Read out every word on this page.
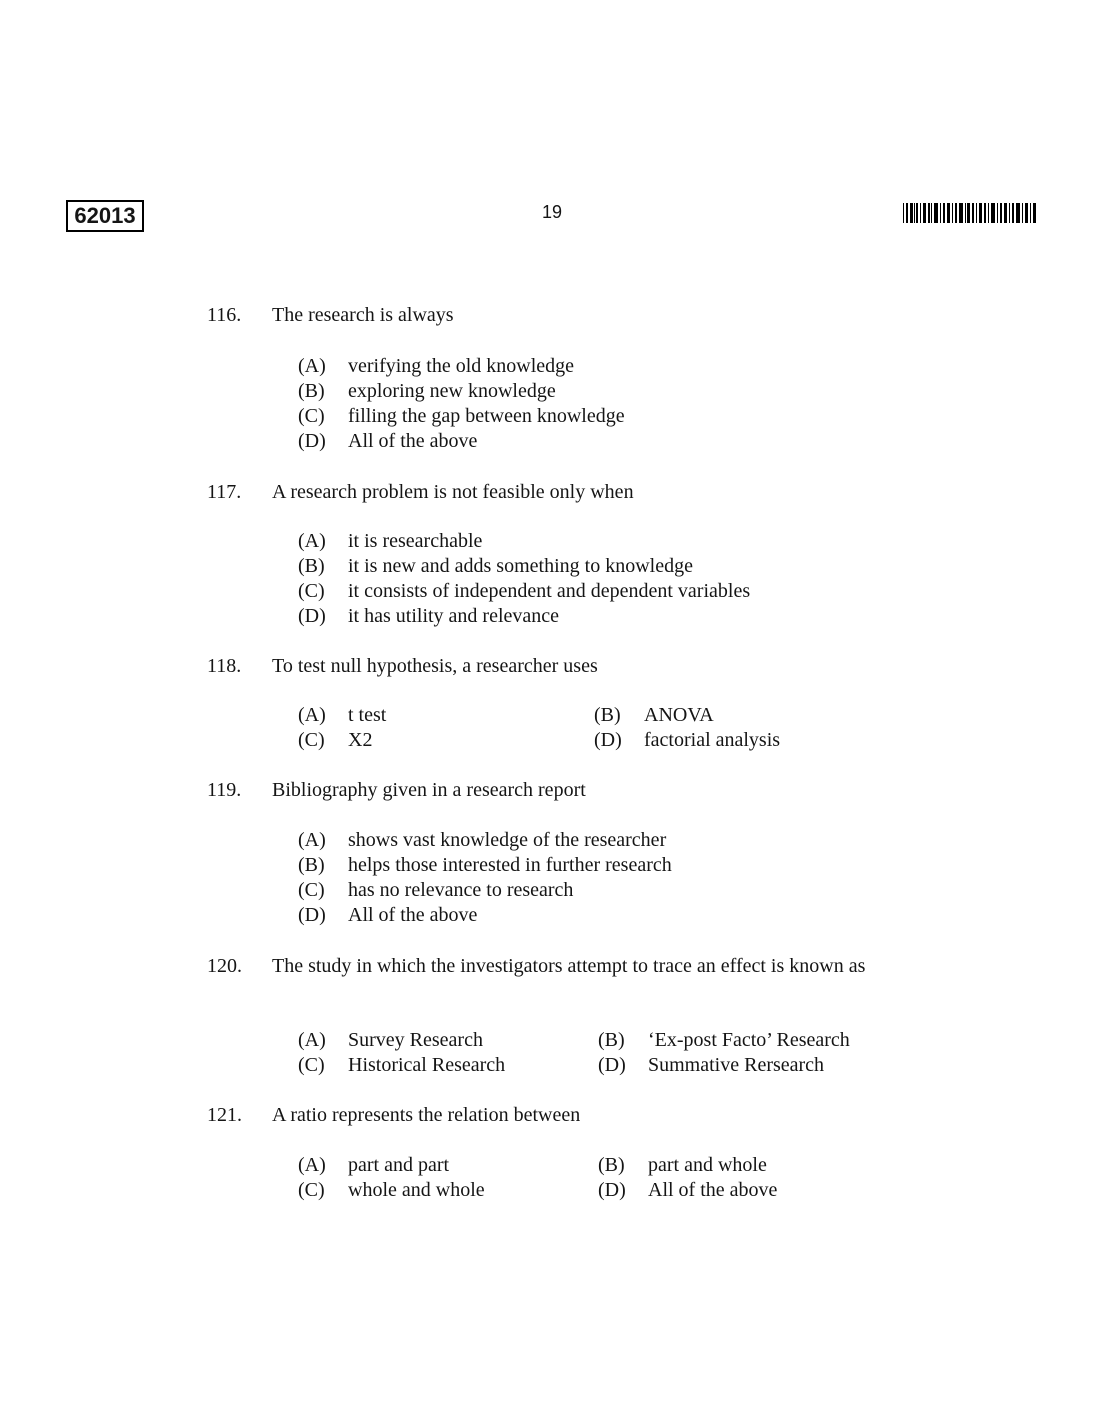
62013	19
116. The research is always
(A) verifying the old knowledge
(B) exploring new knowledge
(C) filling the gap between knowledge
(D) All of the above
117. A research problem is not feasible only when
(A) it is researchable
(B) it is new and adds something to knowledge
(C) it consists of independent and dependent variables
(D) it has utility and relevance
118. To test null hypothesis, a researcher uses
(A) t test	(B) ANOVA
(C) X2	(D) factorial analysis
119. Bibliography given in a research report
(A) shows vast knowledge of the researcher
(B) helps those interested in further research
(C) has no relevance to research
(D) All of the above
120. The study in which the investigators attempt to trace an effect is known as
(A) Survey Research	(B) ‘Ex-post Facto’ Research
(C) Historical Research	(D) Summative Rersearch
121. A ratio represents the relation between
(A) part and part	(B) part and whole
(C) whole and whole	(D) All of the above
